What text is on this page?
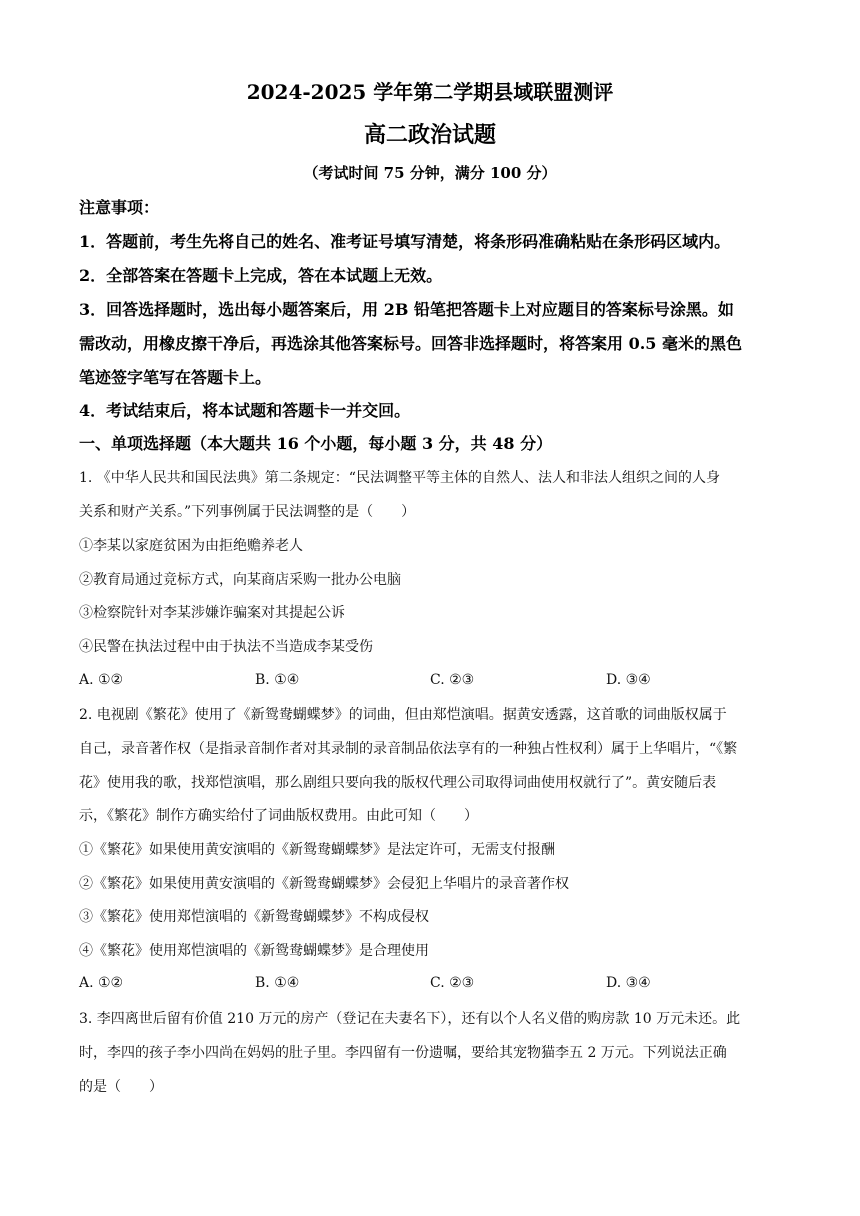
2024-2025 学年第二学期县域联盟测评
高二政治试题
（考试时间 75 分钟，满分 100 分）
注意事项：
1．答题前，考生先将自己的姓名、准考证号填写清楚，将条形码准确粘贴在条形码区域内。
2．全部答案在答题卡上完成，答在本试题上无效。
3．回答选择题时，选出每小题答案后，用 2B 铅笔把答题卡上对应题目的答案标号涂黑。如
需改动，用橡皮擦干净后，再选涂其他答案标号。回答非选择题时，将答案用 0.5 毫米的黑色
笔迹签字笔写在答题卡上。
4．考试结束后，将本试题和答题卡一并交回。
一、单项选择题（本大题共 16 个小题，每小题 3 分，共 48 分）
1. 《中华人民共和国民法典》第二条规定：“民法调整平等主体的自然人、法人和非法人组织之间的人身
关系和财产关系。”下列事例属于民法调整的是（　　）
①李某以家庭贫困为由拒绝赡养老人
②教育局通过竞标方式，向某商店采购一批办公电脑
③检察院针对李某涉嫌诈骗案对其提起公诉
④民警在执法过程中由于执法不当造成李某受伤
A. ①②	B. ①④	C. ②③	D. ③④
2. 电视剧《繁花》使用了《新鸳鸯蝴蝶梦》的词曲，但由郑恺演唱。据黄安透露，这首歌的词曲版权属于
自己，录音著作权（是指录音制作者对其录制的录音制品依法享有的一种独占性权利）属于上华唱片，“《繁
花》使用我的歌，找郑恺演唱，那么剧组只要向我的版权代理公司取得词曲使用权就行了”。黄安随后表
示，《繁花》制作方确实给付了词曲版权费用。由此可知（　　）
①《繁花》如果使用黄安演唱的《新鸳鸯蝴蝶梦》是法定许可，无需支付报酬
②《繁花》如果使用黄安演唱的《新鸳鸯蝴蝶梦》会侵犯上华唱片的录音著作权
③《繁花》使用郑恺演唱的《新鸳鸯蝴蝶梦》不构成侵权
④《繁花》使用郑恺演唱的《新鸳鸯蝴蝶梦》是合理使用
A. ①②	B. ①④	C. ②③	D. ③④
3. 李四离世后留有价值 210 万元的房产（登记在夫妻名下），还有以个人名义借的购房款 10 万元未还。此
时，李四的孩子李小四尚在妈妈的肚子里。李四留有一份遗嘱，要给其宠物猫李五 2 万元。下列说法正确
的是（　　）
